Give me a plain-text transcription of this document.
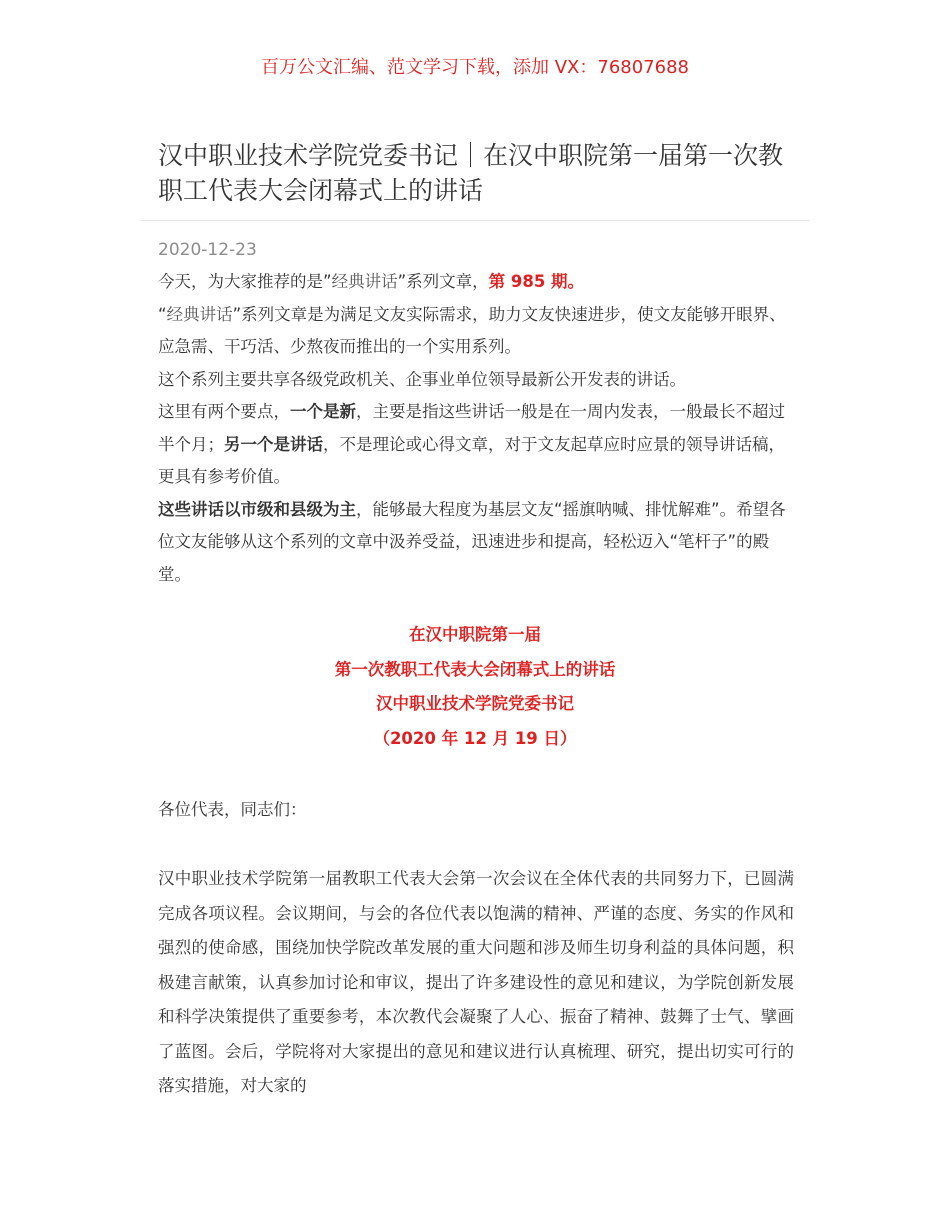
百万公文汇编、范文学习下载，添加 VX：76807688
汉中职业技术学院党委书记｜在汉中职院第一届第一次教职工代表大会闭幕式上的讲话
2020-12-23

今天，为大家推荐的是”经典讲话”系列文章，第 985 期。

“经典讲话”系列文章是为满足文友实际需求，助力文友快速进步，使文友能够开眼界、应急需、干巧活、少熬夜而推出的一个实用系列。

这个系列主要共享各级党政机关、企事业单位领导最新公开发表的讲话。

这里有两个要点，一个是新，主要是指这些讲话一般是在一周内发表，一般最长不超过半个月；另一个是讲话，不是理论或心得文章，对于文友起草应时应景的领导讲话稿，更具有参考价值。

这些讲话以市级和县级为主，能够最大程度为基层文友“摇旗呐喊、排忧解难”。希望各位文友能够从这个系列的文章中汲养受益，迅速进步和提高，轻松迈入“笔杆子”的殿堂。

在汉中职院第一届
第一次教职工代表大会闭幕式上的讲话
汉中职业技术学院党委书记
（2020 年 12 月 19 日）
各位代表，同志们：

汉中职业技术学院第一届教职工代表大会第一次会议在全体代表的共同努力下，已圆满完成各项议程。会议期间，与会的各位代表以饱满的精神、严谨的态度、务实的作风和强烈的使命感，围绕加快学院改革发展的重大问题和涉及师生切身利益的具体问题，积极建言献策，认真参加讨论和审议，提出了许多建设性的意见和建议，为学院创新发展和科学决策提供了重要参考，本次教代会凝聚了人心、振奋了精神、鼓舞了士气、擘画了蓝图。会后，学院将对大家提出的意见和建议进行认真梳理、研究，提出切实可行的落实措施，对大家的
